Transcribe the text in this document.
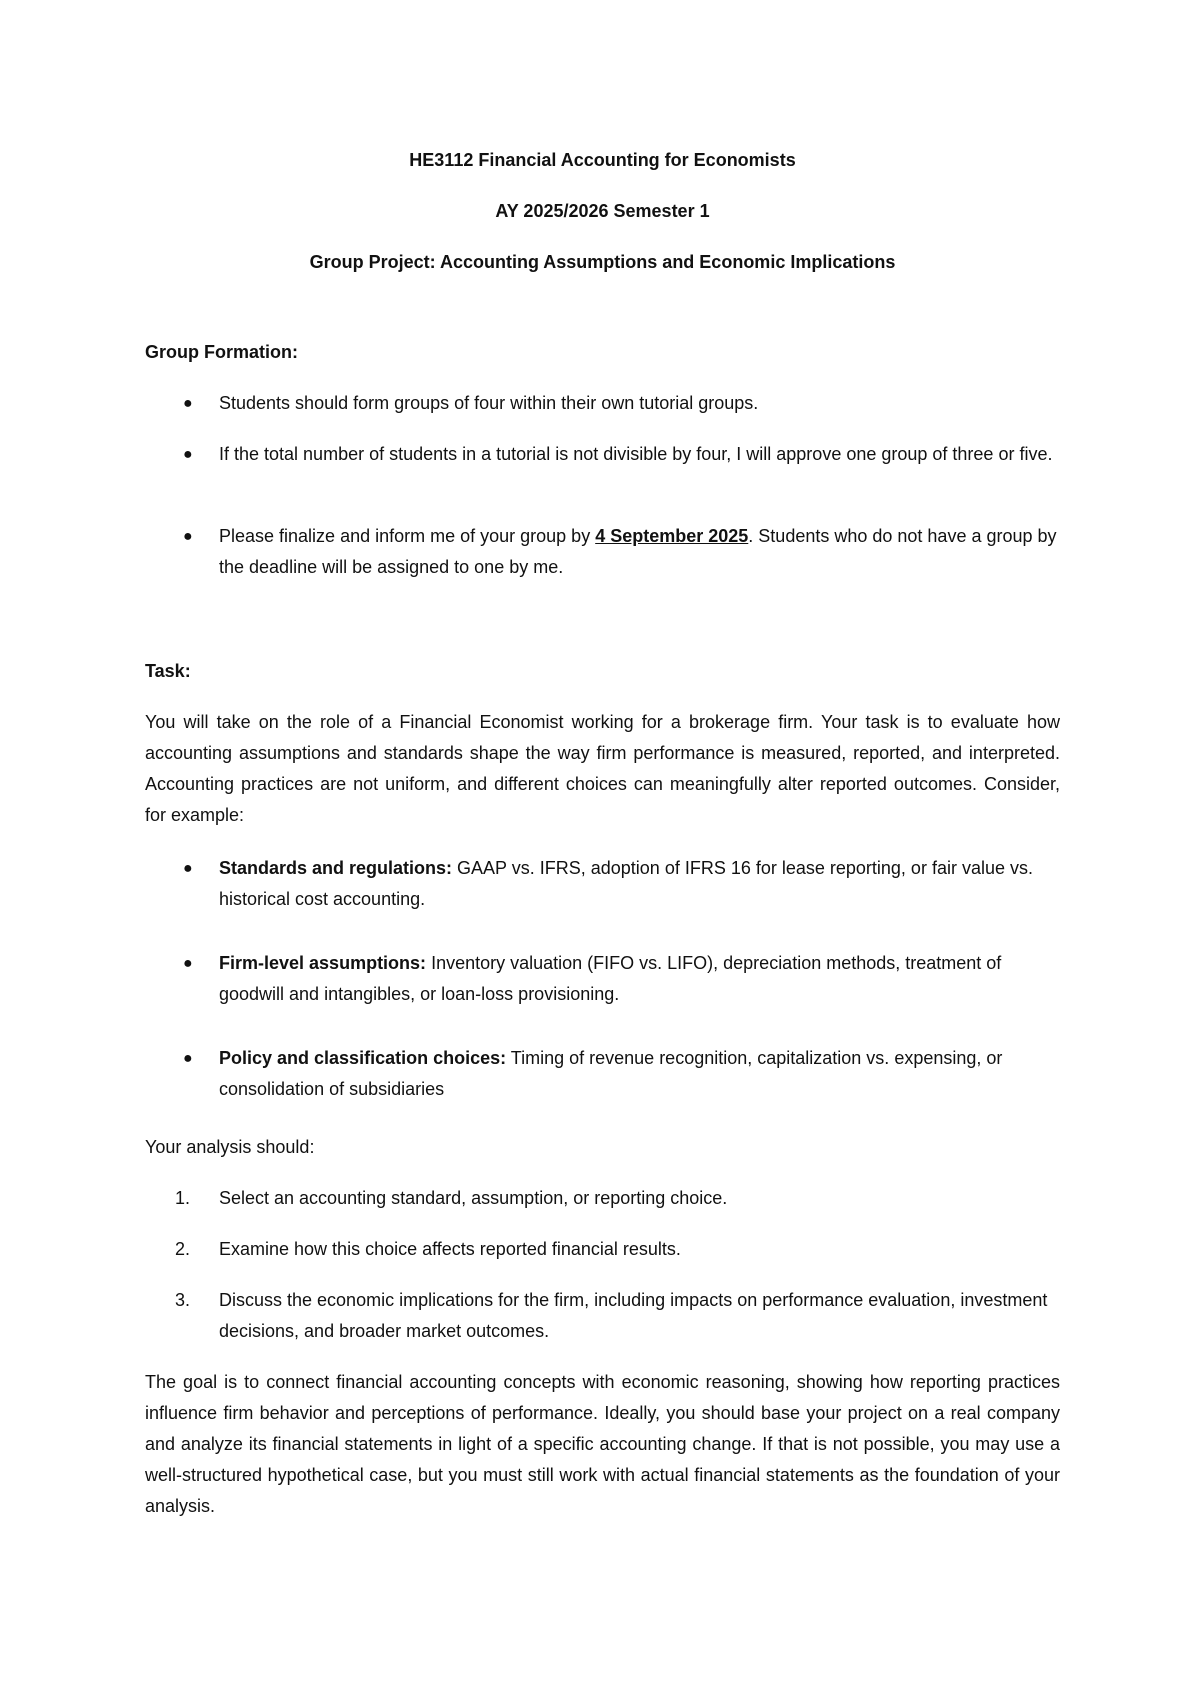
HE3112 Financial Accounting for Economists
AY 2025/2026 Semester 1
Group Project: Accounting Assumptions and Economic Implications
Group Formation:
● Students should form groups of four within their own tutorial groups.
● If the total number of students in a tutorial is not divisible by four, I will approve one group of three or five.
● Please finalize and inform me of your group by 4 September 2025. Students who do not have a group by the deadline will be assigned to one by me.
Task:
You will take on the role of a Financial Economist working for a brokerage firm. Your task is to evaluate how accounting assumptions and standards shape the way firm performance is measured, reported, and interpreted. Accounting practices are not uniform, and different choices can meaningfully alter reported outcomes. Consider, for example:
● Standards and regulations: GAAP vs. IFRS, adoption of IFRS 16 for lease reporting, or fair value vs. historical cost accounting.
● Firm-level assumptions: Inventory valuation (FIFO vs. LIFO), depreciation methods, treatment of goodwill and intangibles, or loan-loss provisioning.
● Policy and classification choices: Timing of revenue recognition, capitalization vs. expensing, or consolidation of subsidiaries
Your analysis should:
1. Select an accounting standard, assumption, or reporting choice.
2. Examine how this choice affects reported financial results.
3. Discuss the economic implications for the firm, including impacts on performance evaluation, investment decisions, and broader market outcomes.
The goal is to connect financial accounting concepts with economic reasoning, showing how reporting practices influence firm behavior and perceptions of performance. Ideally, you should base your project on a real company and analyze its financial statements in light of a specific accounting change. If that is not possible, you may use a well-structured hypothetical case, but you must still work with actual financial statements as the foundation of your analysis.
